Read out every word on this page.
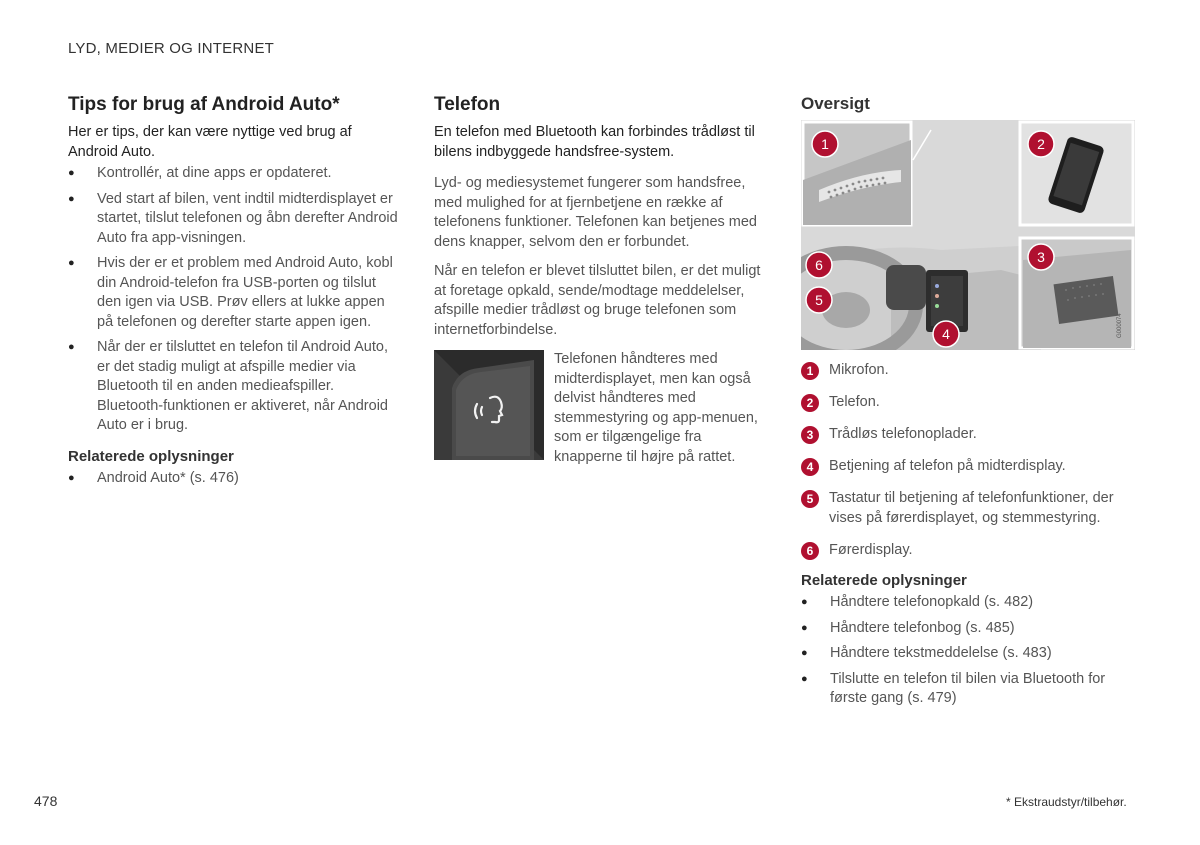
LYD, MEDIER OG INTERNET
Tips for brug af Android Auto*

Her er tips, der kan være nyttige ved brug af Android Auto.

● Kontrollér, at dine apps er opdateret.
● Ved start af bilen, vent indtil midterdisplayet er startet, tilslut telefonen og åbn derefter Android Auto fra app-visningen.
● Hvis der er et problem med Android Auto, kobl din Android-telefon fra USB-porten og tilslut den igen via USB. Prøv ellers at lukke appen på telefonen og derefter starte appen igen.
● Når der er tilsluttet en telefon til Android Auto, er det stadig muligt at afspille medier via Bluetooth til en anden medieafspiller. Bluetooth-funktionen er aktiveret, når Android Auto er i brug.
Relaterede oplysninger
● Android Auto* (s. 476)
Telefon

En telefon med Bluetooth kan forbindes trådløst til bilens indbyggede handsfree-system.

Lyd- og mediesystemet fungerer som handsfree, med mulighed for at fjernbetjene en række af telefonens funktioner. Telefonen kan betjenes med dens knapper, selvom den er forbundet.

Når en telefon er blevet tilsluttet bilen, er det muligt at foretage opkald, sende/modtage meddelelser, afspille medier trådløst og bruge telefonen som internetforbindelse.

Telefonen håndteres med midterdisplayet, men kan også delvist håndteres med stemmestyring og app-menuen, som er tilgængelige fra knapperne til højre på rattet.
Oversigt
G000074
1	2
3
4
5
6
1	Mikrofon.
2	Telefon.
3	Trådløs telefonoplader.
4	Betjening af telefon på midterdisplay.
5	Tastatur til betjening af telefonfunktioner, der vises på førerdisplayet, og stemmestyring.
6	Førerdisplay.
Relaterede oplysninger
● Håndtere telefonopkald (s. 482)
● Håndtere telefonbog (s. 485)
● Håndtere tekstmeddelelse (s. 483)
● Tilslutte en telefon til bilen via Bluetooth for første gang (s. 479)
478	* Ekstraudstyr/tilbehør.
